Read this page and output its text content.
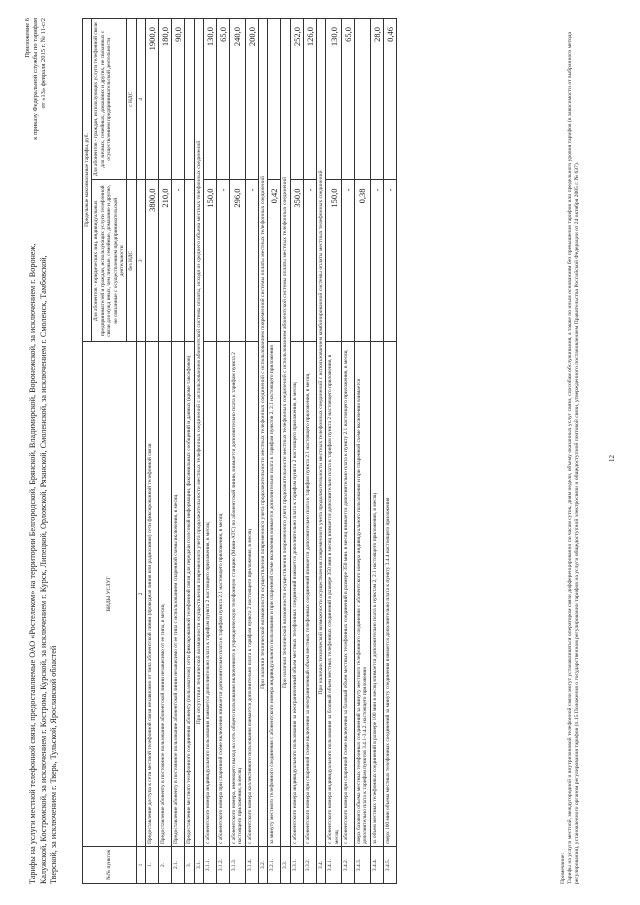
Приложение 6 к приказу Федеральной службы по тарифам от «13» февраля 2015 г. № 11-с/2
Тарифы на услуги местной телефонной связи, предоставляемые ОАО «Ростелеком» на территории Белгородской, Брянской, Владимирской, Воронежской, за исключением г. Воронеж, Калужской, Костромской, за исключением г. Кострома, Курской, за исключением г. Курск, Липецкой, Орловской, Рязанской, Смоленской, за исключением г. Смоленск, Тамбовской, Тверской, за исключением г. Тверь, Тульской, Ярославской областей	№№ пунктов	ВИДЫ УСЛУГ	Предельные максимальные тарифы, руб.	
		Для абонентов - юридических лиц, индивидуальных предпринимателей и граждан, использующих услуги телефонной связи для нужд иных, чем личные, семейные, домашние и другие, не связанные с осуществлением предпринимательской деятельности	Для абонентов - граждан, использующих услуги телефонной связи для личных, семейных, домашних и других, не связанных с осуществлением предпринимательской деятельности
		без НДС	с НДС
1	2	3	4
1.	Предоставление доступа к сети местной телефонной связи независимо от типа абонентской линии (проводная линия или радиолиния) сети фиксированной телефонной связи	3800,0	1900,0
2.	Предоставление абоненту в постоянное пользование абонентской линии независимо от ее типа, в месяц	210,0	180,0
2.1.	Предоставление абоненту в постоянное пользование абонентской линии независимо от ее типа с использованием спаренной схемы включения, в месяц	-	90,0
3.	Предоставление местного телефонного соединения абоненту (пользователю) сети фиксированной телефонной связи для передачи голосовой информации, факсимильных сообщений и данных (кроме таксофонов)		
3.1.	При отсутствии технической возможности осуществления повременного учета продолжительности местных телефонных соединений с использованием абонентской системы оплаты, исходя из среднего объема местных телефонных соединений		
3.1.1.	с абонентского номера индивидуального пользования взимается дополнительно плата к тарифам пункта 2 настоящего приложения, в месяц	150,0	130,0
3.1.2.	с абонентского номера при спаренной схеме включения взимается дополнительно плата к тарифам пункта 2.1 настоящего приложения, в месяц	-	65,0
3.1.3.	с абонентского номера, имеющего выход на сеть общего пользования включенного в учрежденческую телефонную станцию (Мини-АТС) по абонентской линии, взимается дополнительно плата к тарифам пункта 2 настоящего приложения, в месяц	296,0	240,0
3.1.4.	с абонентского номера коллективного пользования взимается дополнительно плата к тарифам пункта 2 настоящего приложения, в месяц	-	200,0
3.2.	При наличии технической возможности осуществления повременного учета продолжительности местных телефонных соединений с использованием повременной системы оплаты местных телефонных соединений		
3.2.1.	за минуту местного телефонного соединения с абонентского номера индивидуального пользования и при спаренной схеме включения взимается дополнительно плата к тарифам пунктов 2, 2.1 настоящего приложения	0,42	
3.3.	При наличии технической возможности осуществления повременного учета продолжительности местных телефонных соединений с использованием абонентской системы оплаты местных телефонных соединений		
3.3.1.	с абонентского номера индивидуального пользования за неограниченный объем местных телефонных соединений взимается дополнительно плата к тарифам пункта 2 настоящего приложения, в месяц	350,0	252,0
3.3.2.	с абонентского номера при спаренной схеме включения за неограниченный объем местных телефонных соединений взимается дополнительно плата к тарифам пункта 2.1 настоящего приложения, в месяц	-	126,0
3.4.	При наличии технической возможности осуществления повременного учета продолжительности местных телефонных соединений с использованием комбинированной системы оплаты местных телефонных соединений		
3.4.1.	с абонентского номера индивидуального пользования за базовый объем местных телефонных соединений в размере 350 мин в месяц взимается дополнительно плата к тарифам пункта 2 настоящего приложения, в месяц	150,0	130,0
3.4.2.	с абонентского номера при спаренной схеме включения за базовый объем местных телефонных соединений в размере 350 мин. в месяц взимается дополнительно плата к пункту 2.1 настоящего приложения, в месяц	-	65,0
3.4.3.	сверх базового объема местных телефонных соединений за минуту местного телефонного соединения с абонентского номера индивидуального пользования и при спаренной схеме включения взимается дополнительно плата к тарифам пунктов 3.4.1-3.4.2. настоящего приложения	0,38	
3.4.4.	за объем местных телефонных соединений в размере 100 мин в месяц взимается дополнительно плата к пунктам 2, 2.1 настоящего приложения, в месяц	-	28,0
3.4.5.	сверх 100 мин объема местных телефонных соединений за минуту соединения взимается дополнительно плата к пункту 3.4.4 настоящего приложения	-	0,46
Примечание: Тарифы на услуги местной, междугородной и внутризоновой телефонной связи могут устанавливаться оператором связи дифференцированно по часам суток, дням недели, объему оказанных услуг связи, способам обслуживания, а также по иным основаниям без превышения тарифов или предельного уровня тарифов (в зависимости от выбранного метода регулирования), установленного органом регулирования тарифов (п.15 Положения о государственном регулировании тарифов на услуги общедоступной электросвязи и общедоступной почтовой связи, утвержденного постановлением Правительства Российской Федерации от 24 октября 2005 г. № 637).	12
